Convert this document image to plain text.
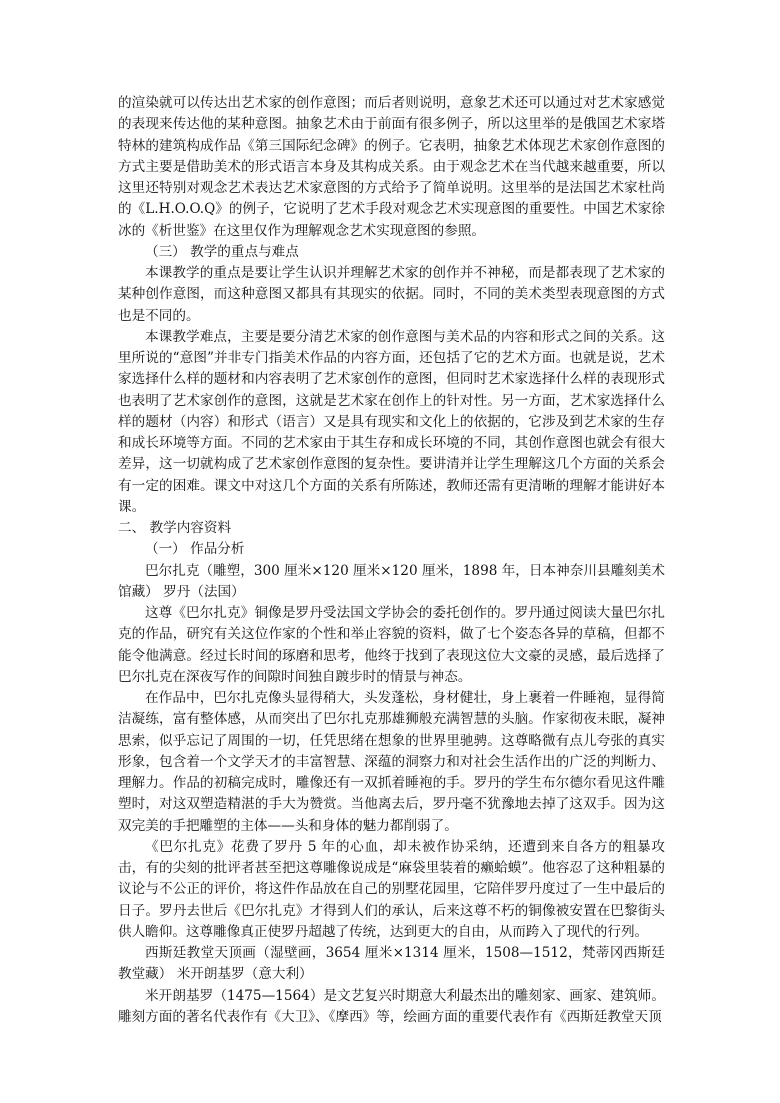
的渲染就可以传达出艺术家的创作意图；而后者则说明，意象艺术还可以通过对艺术家感觉的表现来传达他的某种意图。抽象艺术由于前面有很多例子，所以这里举的是俄国艺术家塔特林的建筑构成作品《第三国际纪念碑》的例子。它表明，抽象艺术体现艺术家创作意图的方式主要是借助美术的形式语言本身及其构成关系。由于观念艺术在当代越来越重要，所以这里还特别对观念艺术表达艺术家意图的方式给予了简单说明。这里举的是法国艺术家杜尚的《L.H.O.O.Q》的例子，它说明了艺术手段对观念艺术实现意图的重要性。中国艺术家徐冰的《析世鉴》在这里仅作为理解观念艺术实现意图的参照。

（三） 教学的重点与难点

本课教学的重点是要让学生认识并理解艺术家的创作并不神秘，而是都表现了艺术家的某种创作意图，而这种意图又都具有其现实的依据。同时，不同的美术类型表现意图的方式也是不同的。

本课教学难点，主要是要分清艺术家的创作意图与美术品的内容和形式之间的关系。这里所说的“意图”并非专门指美术作品的内容方面，还包括了它的艺术方面。也就是说，艺术家选择什么样的题材和内容表明了艺术家创作的意图，但同时艺术家选择什么样的表现形式也表明了艺术家创作的意图，这就是艺术家在创作上的针对性。另一方面，艺术家选择什么样的题材（内容）和形式（语言）又是具有现实和文化上的依据的，它涉及到艺术家的生存和成长环境等方面。不同的艺术家由于其生存和成长环境的不同，其创作意图也就会有很大差异，这一切就构成了艺术家创作意图的复杂性。要讲清并让学生理解这几个方面的关系会有一定的困难。课文中对这几个方面的关系有所陈述，教师还需有更清晰的理解才能讲好本课。

二、 教学内容资料

（一） 作品分析

巴尔扎克（雕塑，300 厘米×120 厘米×120 厘米，1898 年，日本神奈川县雕刻美术馆藏） 罗丹（法国）

这尊《巴尔扎克》铜像是罗丹受法国文学协会的委托创作的。罗丹通过阅读大量巴尔扎克的作品，研究有关这位作家的个性和举止容貌的资料，做了七个姿态各异的草稿，但都不能令他满意。经过长时间的琢磨和思考，他终于找到了表现这位大文豪的灵感，最后选择了巴尔扎克在深夜写作的间隙时间独自踱步时的情景与神态。

在作品中，巴尔扎克像头显得稍大，头发蓬松，身材健壮，身上裹着一件睡袍，显得简洁凝练，富有整体感，从而突出了巴尔扎克那雄狮般充满智慧的头脑。作家彻夜未眠，凝神思索，似乎忘记了周围的一切，任凭思绪在想象的世界里驰骋。这尊略微有点儿夸张的真实形象，包含着一个文学天才的丰富智慧、深蕴的洞察力和对社会生活作出的广泛的判断力、理解力。作品的初稿完成时，雕像还有一双抓着睡袍的手。罗丹的学生布尔德尔看见这件雕塑时，对这双塑造精湛的手大为赞赏。当他离去后，罗丹毫不犹豫地去掉了这双手。因为这双完美的手把雕塑的主体——头和身体的魅力都削弱了。

《巴尔扎克》花费了罗丹 5 年的心血，却未被作协采纳，还遭到来自各方的粗暴攻击，有的尖刻的批评者甚至把这尊雕像说成是“麻袋里装着的癞蛤蟆”。他容忍了这种粗暴的议论与不公正的评价，将这件作品放在自己的别墅花园里，它陪伴罗丹度过了一生中最后的日子。罗丹去世后《巴尔扎克》才得到人们的承认，后来这尊不朽的铜像被安置在巴黎街头供人瞻仰。这尊雕像真正使罗丹超越了传统，达到更大的自由，从而跨入了现代的行列。

西斯廷教堂天顶画（湿壁画，3654 厘米×1314 厘米，1508—1512，梵蒂冈西斯廷教堂藏） 米开朗基罗（意大利）

米开朗基罗（1475—1564）是文艺复兴时期意大利最杰出的雕刻家、画家、建筑师。雕刻方面的著名代表作有《大卫》、《摩西》等，绘画方面的重要代表作有《西斯廷教堂天顶
